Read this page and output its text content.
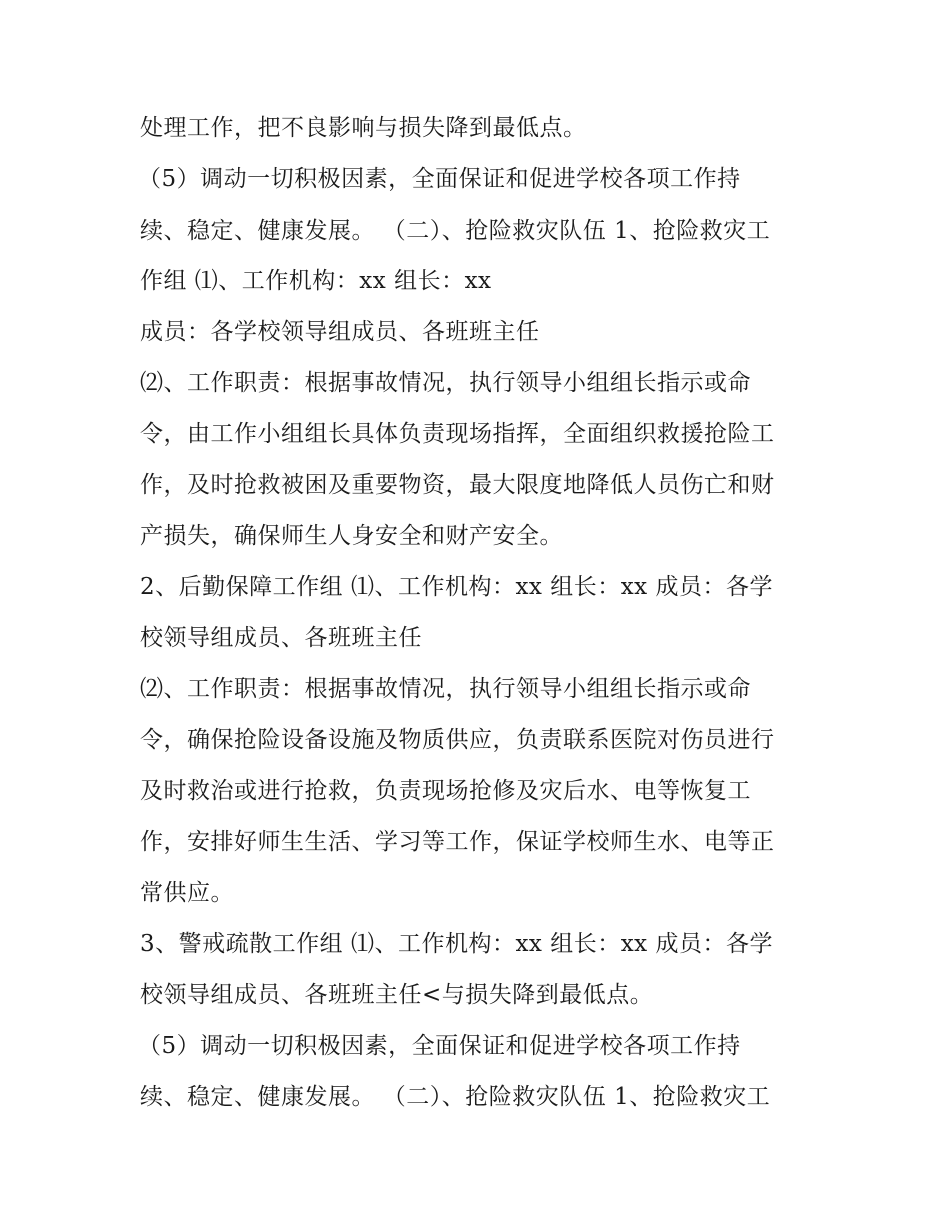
处理工作，把不良影响与损失降到最低点。
（5）调动一切积极因素，全面保证和促进学校各项工作持
续、稳定、健康发展。 （二）、抢险救灾队伍 1、抢险救灾工
作组 ⑴、工作机构：xx 组长：xx
成员：各学校领导组成员、各班班主任
⑵、工作职责：根据事故情况，执行领导小组组长指示或命
令，由工作小组组长具体负责现场指挥，全面组织救援抢险工
作，及时抢救被困及重要物资，最大限度地降低人员伤亡和财
产损失，确保师生人身安全和财产安全。
2、后勤保障工作组 ⑴、工作机构：xx 组长：xx 成员：各学
校领导组成员、各班班主任
⑵、工作职责：根据事故情况，执行领导小组组长指示或命
令，确保抢险设备设施及物质供应，负责联系医院对伤员进行
及时救治或进行抢救，负责现场抢修及灾后水、电等恢复工
作，安排好师生生活、学习等工作，保证学校师生水、电等正
常供应。
3、警戒疏散工作组 ⑴、工作机构：xx 组长：xx 成员：各学
校领导组成员、各班班主任<与损失降到最低点。
（5）调动一切积极因素，全面保证和促进学校各项工作持
续、稳定、健康发展。 （二）、抢险救灾队伍 1、抢险救灾工
